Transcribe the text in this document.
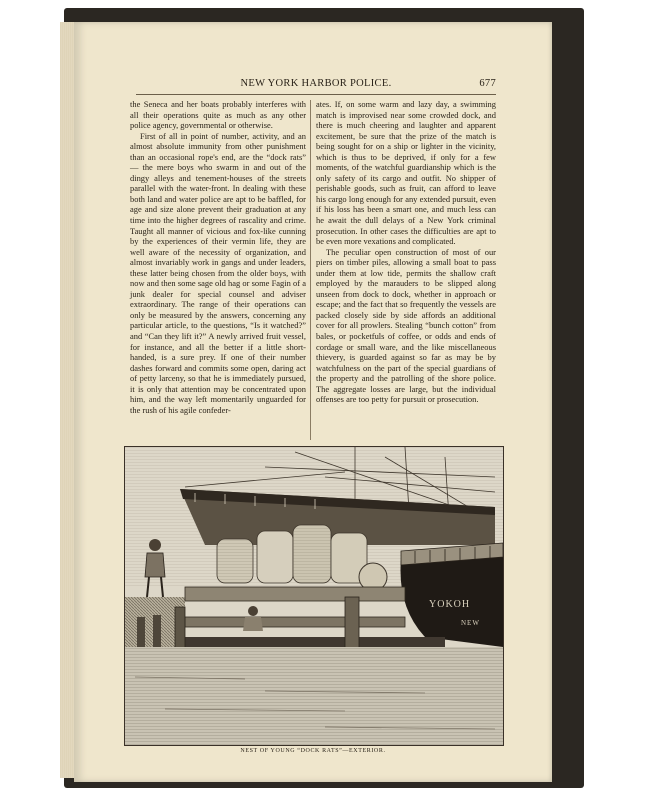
NEW YORK HARBOR POLICE.	677

the Seneca and her boats probably interferes with all their operations quite as much as any other police agency, governmental or otherwise.

First of all in point of number, activity, and an almost absolute immunity from other punishment than an occasional rope's end, are the “dock rats” — the mere boys who swarm in and out of the dingy alleys and tenement-houses of the streets parallel with the water-front. In dealing with these both land and water police are apt to be baffled, for age and size alone prevent their graduation at any time into the higher degrees of rascality and crime. Taught all manner of vicious and fox-like cunning by the experiences of their vermin life, they are well aware of the necessity of organization, and almost invariably work in gangs and under leaders, these latter being chosen from the older boys, with now and then some sage old hag or some Fagin of a junk dealer for special counsel and adviser extraordinary. The range of their operations can only be measured by the answers, concerning any particular article, to the questions, “Is it watched?” and “Can they lift it?” A newly arrived fruit vessel, for instance, and all the better if a little short-handed, is a sure prey. If one of their number dashes forward and commits some open, daring act of petty larceny, so that he is immediately pursued, it is only that attention may be concentrated upon him, and the way left momentarily unguarded for the rush of his agile confeder-

ates. If, on some warm and lazy day, a swimming match is improvised near some crowded dock, and there is much cheering and laughter and apparent excitement, be sure that the prize of the match is being sought for on a ship or lighter in the vicinity, which is thus to be deprived, if only for a few moments, of the watchful guardianship which is the only safety of its cargo and outfit. No shipper of perishable goods, such as fruit, can afford to leave his cargo long enough for any extended pursuit, even if his loss has been a smart one, and much less can he await the dull delays of a New York criminal prosecution. In other cases the difficulties are apt to be even more vexations and complicated.

The peculiar open construction of most of our piers on timber piles, allowing a small boat to pass under them at low tide, permits the shallow craft employed by the marauders to be slipped along unseen from dock to dock, whether in approach or escape; and the fact that so frequently the vessels are packed closely side by side affords an additional cover for all prowlers. Stealing “bunch cotton” from bales, or pocketfuls of coffee, or odds and ends of cordage or small ware, and the like miscellaneous thievery, is guarded against so far as may be by watchfulness on the part of the special guardians of the property and the patrolling of the shore police. The aggregate losses are large, but the individual offenses are too petty for pursuit or prosecution.

YOKOH
NEW
NEST OF YOUNG “DOCK RATS”—EXTERIOR.
